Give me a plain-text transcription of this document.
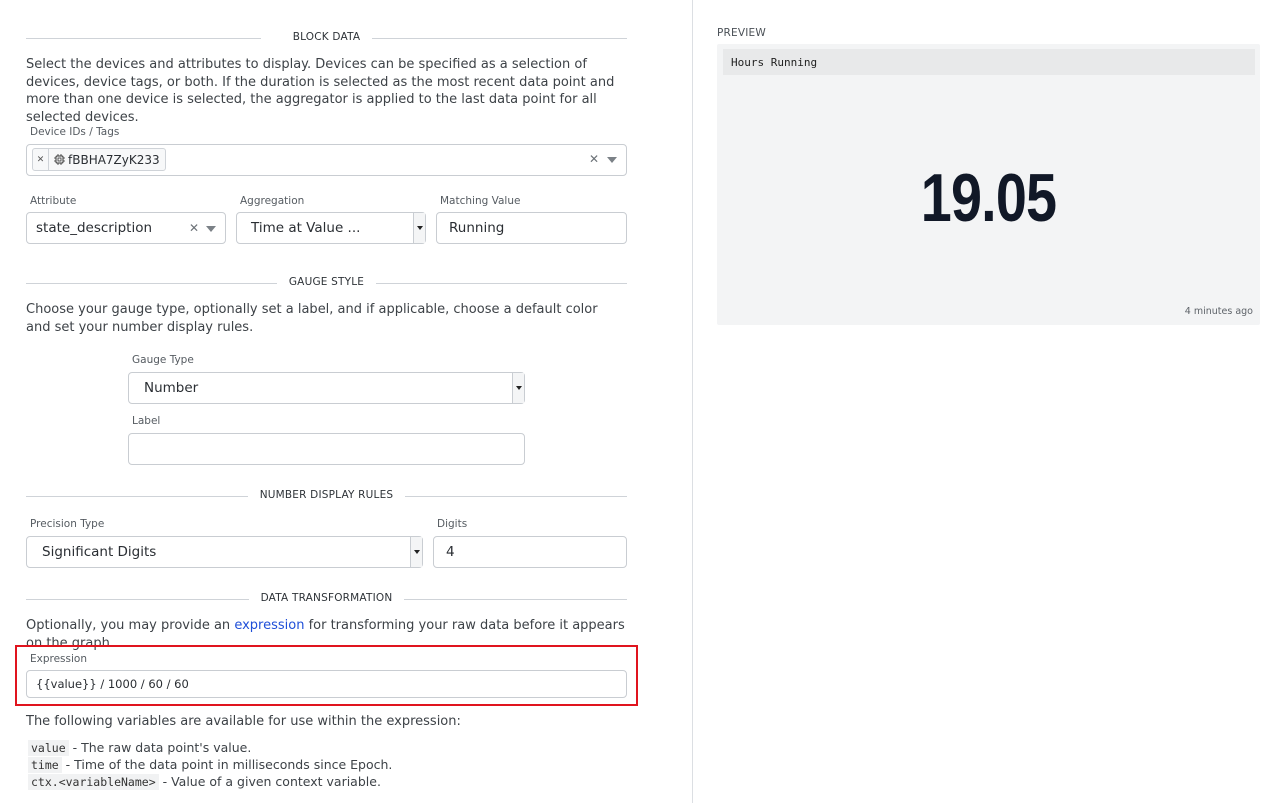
BLOCK DATA
Select the devices and attributes to display. Devices can be specified as a selection of devices, device tags, or both. If the duration is selected as the most recent data point and more than one device is selected, the aggregator is applied to the last data point for all selected devices.
Device IDs / Tags
✕	fBBHA7ZyK233	✕
Attribute
state_description	✕
Aggregation
Time at Value ...
Matching Value
Running
GAUGE STYLE
Choose your gauge type, optionally set a label, and if applicable, choose a default color and set your number display rules.
Gauge Type
Number
Label
NUMBER DISPLAY RULES
Precision Type
Significant Digits
Digits
4
DATA TRANSFORMATION
Optionally, you may provide an expression for transforming your raw data before it appears on the graph.
Expression
{{value}} / 1000 / 60 / 60
The following variables are available for use within the expression:
value - The raw data point's value.
time - Time of the data point in milliseconds since Epoch.
ctx.<variableName> - Value of a given context variable.
PREVIEW
Hours Running
19.05
4 minutes ago
